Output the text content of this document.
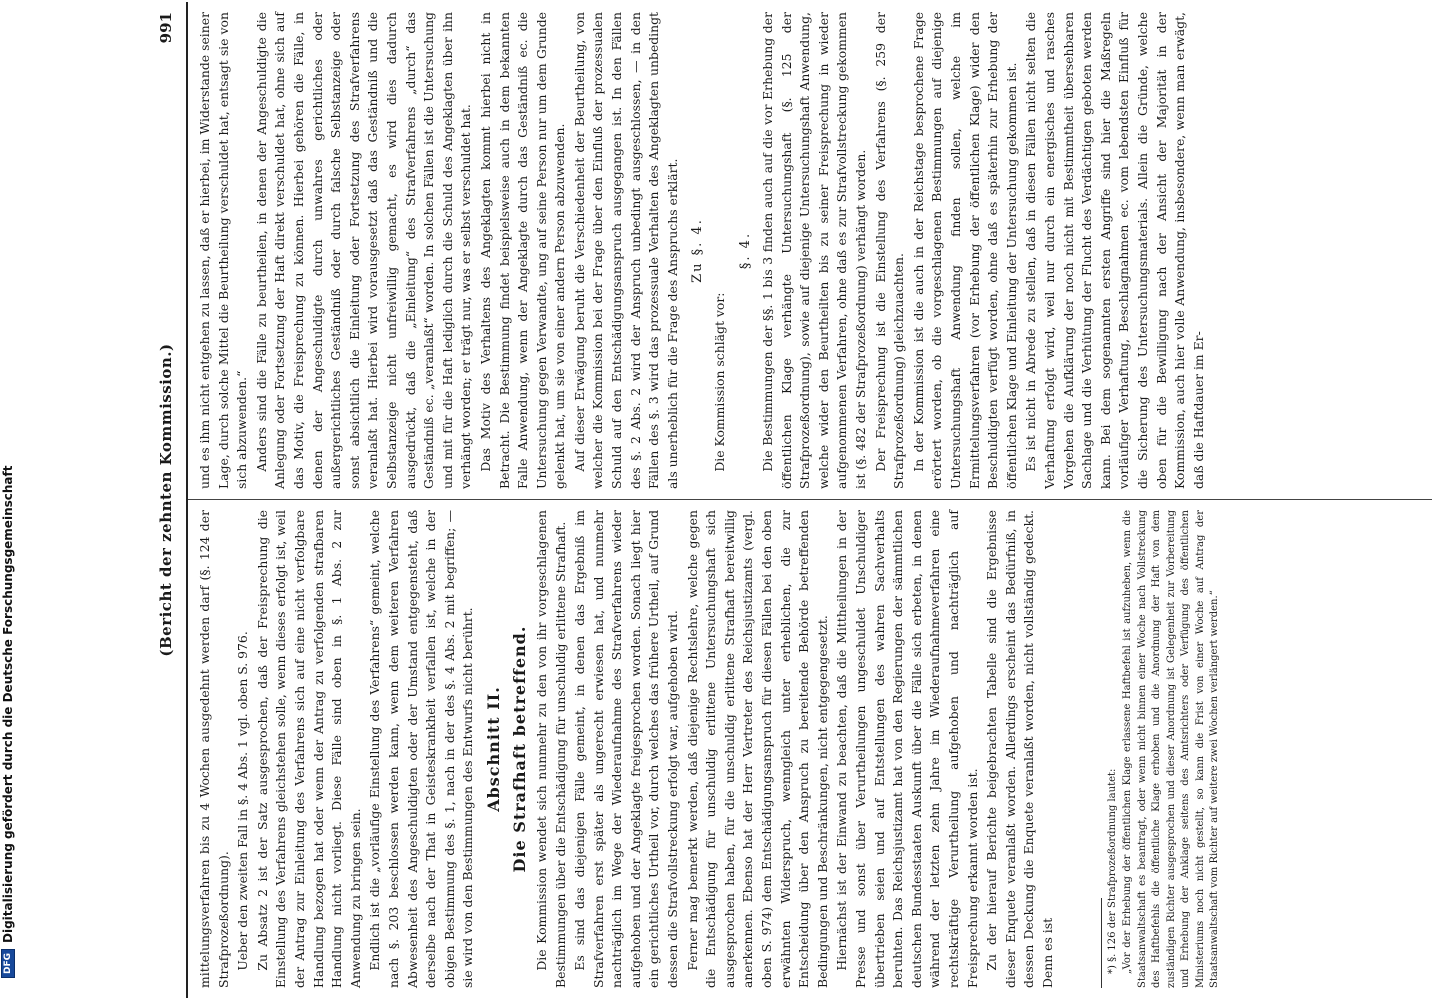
DFG
Digitalisierung gefördert durch die Deutsche Forschungsgemeinschaft	(Bericht der zehnten Kommission.)
991

mittelungsverfahren bis zu 4 Wochen ausgedehnt werden darf (§. 124 der Strafprozeßordnung). Ueber den zweiten Fall in §. 4 Abs. 1 vgl. oben S. 976. Zu Absatz 2 ist der Satz ausgesprochen, daß der Freisprechung die Einstellung des Verfahrens gleichstehen solle, wenn dieses erfolgt ist, weil der Antrag zur Einleitung des Verfahrens sich auf eine nicht verfolgbare Handlung bezogen hat oder wenn der Antrag zu verfolgenden strafbaren Handlung nicht vorliegt. Diese Fälle sind oben in §. 1 Abs. 2 zur Anwendung zu bringen sein. Endlich ist die „vorläufige Einstellung des Verfahrens“ gemeint, welche nach §. 203 beschlossen werden kann, wenn dem weiteren Verfahren Abwesenheit des Angeschuldigten oder der Umstand entgegensteht, daß derselbe nach der That in Geisteskrankheit verfallen ist, welche in der obigen Bestimmung des §. 1, nach in der des §. 4 Abs. 2 mit begriffen; — sie wird von den Bestimmungen des Entwurfs nicht berührt. Abschnitt II. Die Strafhaft betreffend. Die Kommission wendet sich nunmehr zu den von ihr vorgeschlagenen Bestimmungen über die Entschädigung für unschuldig erlittene Strafhaft. Es sind das diejenigen Fälle gemeint, in denen das Ergebniß im Strafverfahren erst später als ungerecht erwiesen hat, und nunmehr nachträglich im Wege der Wiederaufnahme des Strafverfahrens wieder aufgehoben und der Angeklagte freigesprochen worden. Sonach liegt hier ein gerichtliches Urtheil vor, durch welches das frühere Urtheil, auf Grund dessen die Strafvollstreckung erfolgt war, aufgehoben wird. Ferner mag bemerkt werden, daß diejenige Rechtslehre, welche gegen die Entschädigung für unschuldig erlittene Untersuchungshaft sich ausgesprochen haben, für die unschuldig erlittene Strafhaft bereitwillig anerkennen. Ebenso hat der Herr Vertreter des Reichsjustizamts (vergl. oben S. 974) dem Entschädigungsanspruch für diesen Fällen bei den oben erwähnten Widerspruch, wenngleich unter erheblichen, die zur Entscheidung über den Anspruch zu bereitende Behörde betreffenden Bedingungen und Beschränkungen, nicht entgegengesetzt. Hiernächst ist der Einwand zu beachten, daß die Mittheilungen in der Presse und sonst über Verurtheilungen ungeschuldet Unschuldiger übertrieben seien und auf Entstellungen des wahren Sachverhalts beruhten. Das Reichsjustizamt hat von den Regierungen der sämmtlichen deutschen Bundesstaaten Auskunft über die Fälle sich erbeten, in denen während der letzten zehn Jahre im Wiederaufnahmeverfahren eine rechtskräftige Verurtheilung aufgehoben und nachträglich auf Freisprechung erkannt worden ist. Zu der hierauf Berichte beigebrachten Tabelle sind die Ergebnisse dieser Enquete veranlaßt worden. Allerdings erscheint das Bedürfniß, in dessen Deckung die Enquete veranlaßt worden, nicht vollständig gedeckt. Denn es ist	*) §. 126 der Strafprozeßordnung lautet: „Vor der Erhebung der öffentlichen Klage erlassene Haftbefehl ist aufzuheben, wenn die Staatsanwaltschaft es beantragt, oder wenn nicht binnen einer Woche nach Vollstreckung des Haftbefehls die öffentliche Klage erhoben und die Anordnung der Haft von dem zuständigen Richter ausgesprochen und dieser Anordnung ist Gelegenheit zur Vorbereitung und Erhebung der Anklage seitens des Amtsrichters oder Verfügung des öffentlichen Ministeriums noch nicht gestellt, so kann die Frist von einer Woche auf Antrag der Staatsanwaltschaft vom Richter auf weitere zwei Wochen verlängert werden.“

und es ihm nicht entgehen zu lassen, daß er hierbei, im Widerstande seiner Lage, durch solche Mittel die Beurtheilung verschuldet hat, entsagt sie von sich abzuwenden.“ Anders sind die Fälle zu beurtheilen, in denen der Angeschuldigte die Anlegung oder Fortsetzung der Haft direkt verschuldet hat, ohne sich auf das Motiv, die Freisprechung zu können. Hierbei gehören die Fälle, in denen der Angeschuldigte durch unwahres gerichtliches oder außergerichtliches Geständniß oder durch falsche Selbstanzeige oder sonst absichtlich die Einleitung oder Fortsetzung des Strafverfahrens veranlaßt hat. Hierbei wird vorausgesetzt daß das Geständniß und die Selbstanzeige nicht unfreiwillig gemacht, es wird dies dadurch ausgedrückt, daß die „Einleitung“ des Strafverfahrens „durch“ das Geständniß ec. „veranlaßt“ worden. In solchen Fällen ist die Untersuchung und mit für die Haft lediglich durch die Schuld des Angeklagten über ihn verhängt worden; er trägt nur, was er selbst verschuldet hat. Das Motiv des Verhaltens des Angeklagten kommt hierbei nicht in Betracht. Die Bestimmung findet beispielsweise auch in dem bekannten Falle Anwendung, wenn der Angeklagte durch das Geständniß ec. die Untersuchung gegen Verwandte, ung auf seine Person nur um dem Grunde gelenkt hat, um sie von einer andern Person abzuwenden. Auf dieser Erwägung beruht die Verschiedenheit der Beurtheilung, von welcher die Kommission bei der Frage über den Einfluß der prozessualen Schuld auf den Entschädigungsanspruch ausgegangen ist. In den Fällen des §. 2 Abs. 2 wird der Anspruch unbedingt ausgeschlossen, — in den Fällen des §. 3 wird das prozessuale Verhalten des Angeklagten unbedingt als unerheblich für die Frage des Anspruchs erklärt. Zu §. 4.

Die Kommission schlägt vor:

§. 4. Die Bestimmungen der §§. 1 bis 3 finden auch auf die vor Erhebung der öffentlichen Klage verhängte Untersuchungshaft (§. 125 der Strafprozeßordnung), sowie auf diejenige Untersuchungshaft Anwendung, welche wider den Beurtheilten bis zu seiner Freisprechung in wieder aufgenommenen Verfahren, ohne daß es zur Strafvollstreckung gekommen ist (§. 482 der Strafprozeßordnung) verhängt worden. Der Freisprechung ist die Einstellung des Verfahrens (§. 259 der Strafprozeßordnung) gleichzuachten. In der Kommission ist die auch in der Reichstage besprochene Frage erörtert worden, ob die vorgeschlagenen Bestimmungen auf diejenige Untersuchungshaft Anwendung finden sollen, welche im Ermittelungsverfahren (vor Erhebung der öffentlichen Klage) wider den Beschuldigten verfügt worden, ohne daß es späterhin zur Erhebung der öffentlichen Klage und Einleitung der Untersuchung gekommen ist. Es ist nicht in Abrede zu stellen, daß in diesen Fällen nicht selten die Verhaftung erfolgt wird, weil nur durch ein energisches und rasches Vorgehen die Aufklärung der noch nicht mit Bestimmtheit übersehbaren Sachlage und die Verhütung der Flucht des Verdächtigen geboten werden kann. Bei dem sogenannten ersten Angriffe sind hier die Maßregeln vorläufiger Verhaftung, Beschlagnahmen ec. vom lebendsten Einfluß für die Sicherung des Untersuchungsmaterials. Allein die Gründe, welche oben für die Bewilligung nach der Ansicht der Majorität in der Kommission, auch hier volle Anwendung, insbesondere, wenn man erwägt, daß die Haftdauer im Er-
